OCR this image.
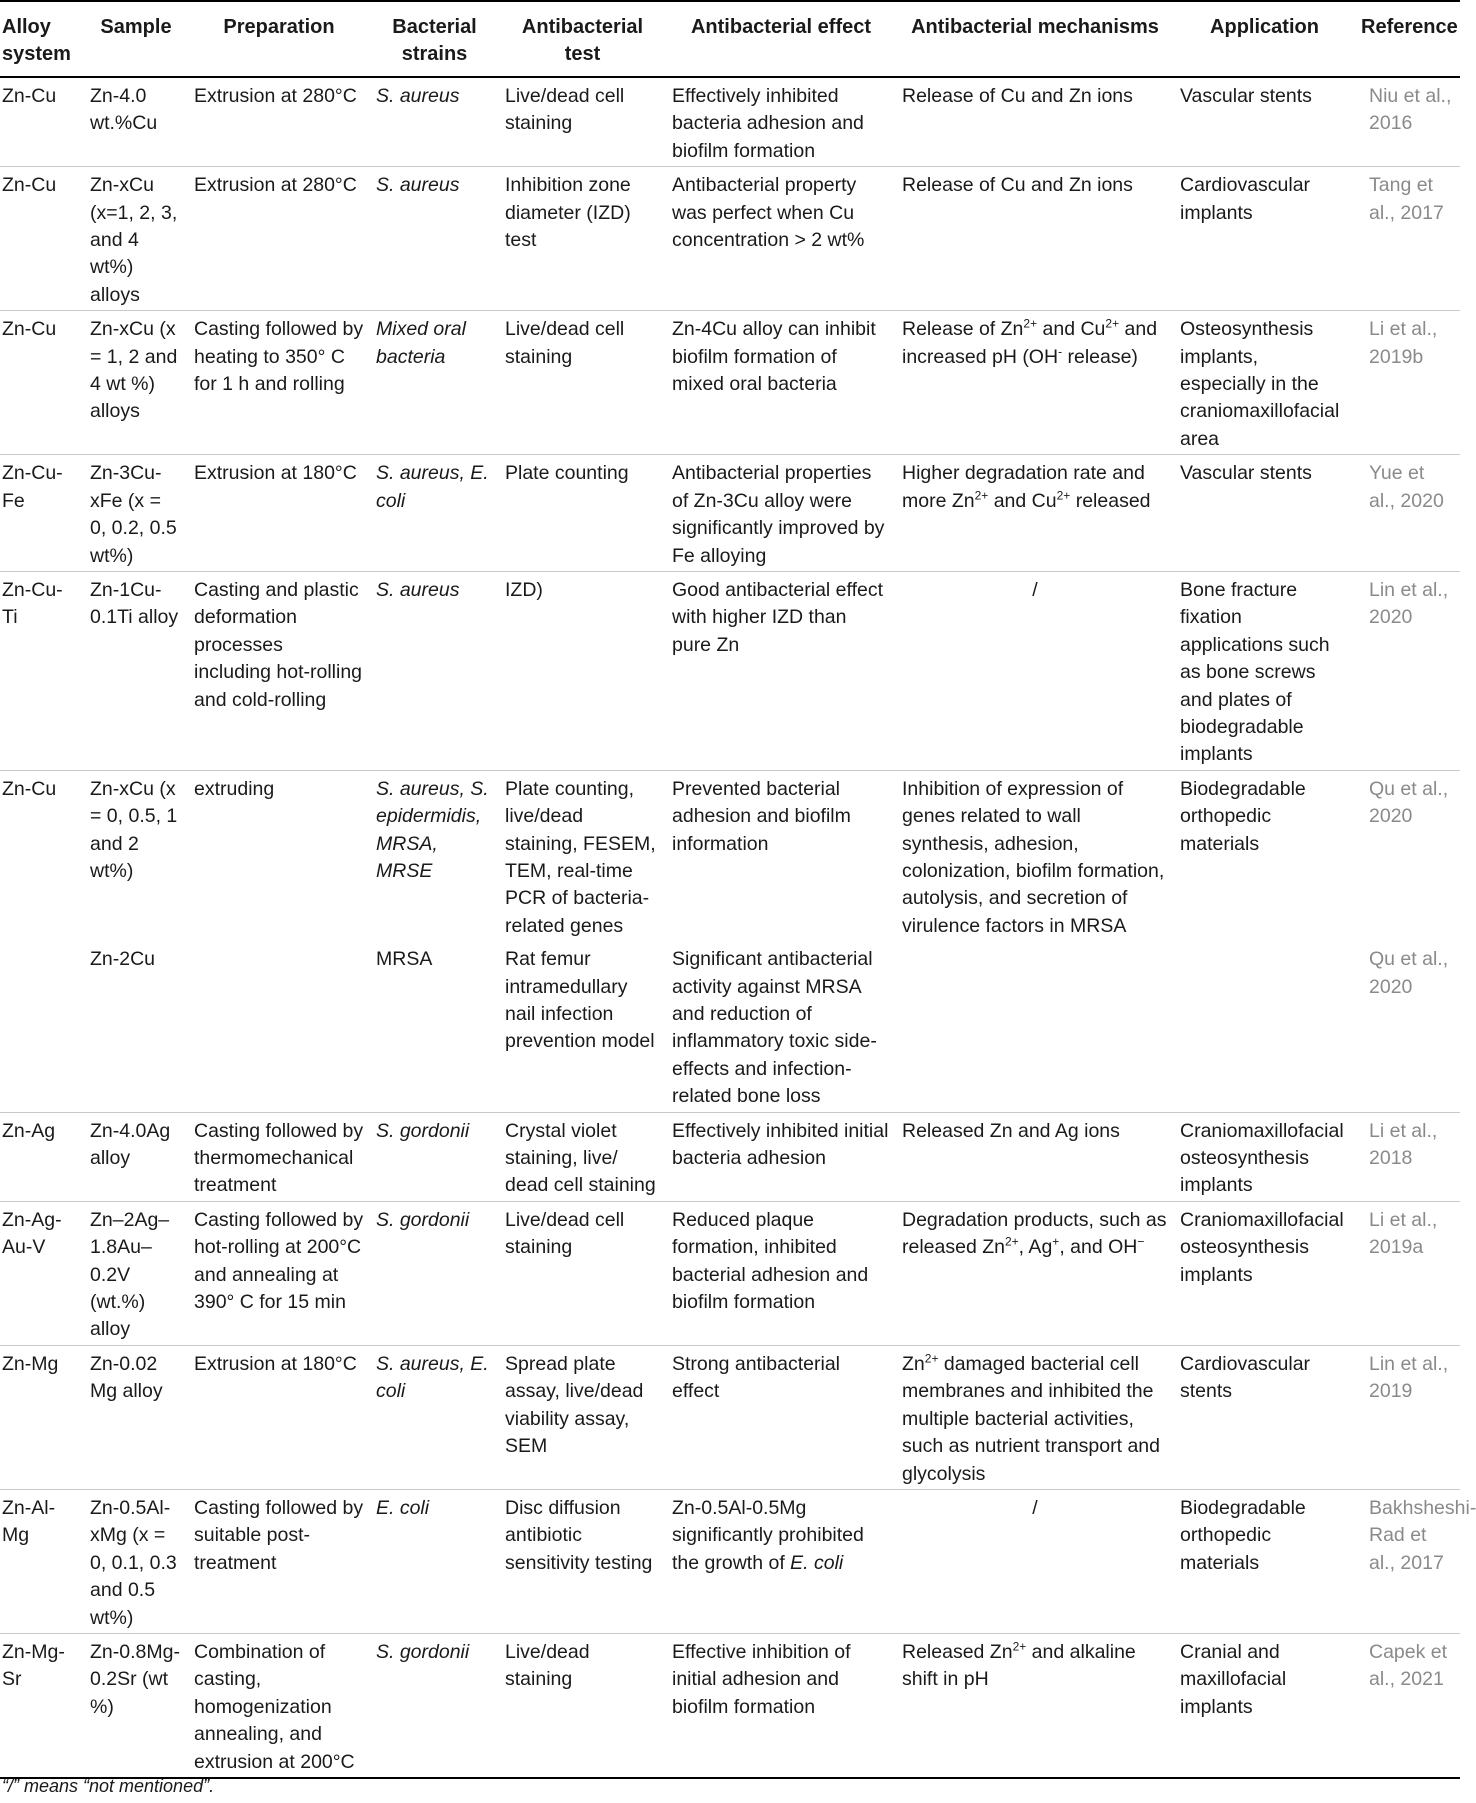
Alloy system	Sample	Preparation	Bacterial strains	Antibacterial test	Antibacterial effect	Antibacterial mechanisms	Application	Reference
Zn-Cu	Zn-4.0 wt.%Cu	Extrusion at 280°C	S. aureus	Live/dead cell staining	Effectively inhibited bacteria adhesion and biofilm formation	Release of Cu and Zn ions	Vascular stents	Niu et al., 2016
Zn-Cu	Zn-xCu (x=1, 2, 3, and 4 wt%) alloys	Extrusion at 280°C	S. aureus	Inhibition zone diameter (IZD) test	Antibacterial property was perfect when Cu concentration > 2 wt%	Release of Cu and Zn ions	Cardiovascular implants	Tang et al., 2017
Zn-Cu	Zn-xCu (x = 1, 2 and 4 wt %) alloys	Casting followed by heating to 350° C for 1 h and rolling	Mixed oral bacteria	Live/dead cell staining	Zn-4Cu alloy can inhibit biofilm formation of mixed oral bacteria	Release of $Zn^{2+}$ and $Cu^{2+}$ and increased pH (OH- release)	Osteosynthesis implants, especially in the craniomaxillofacial area	Li et al., 2019b
Zn-Cu-Fe	Zn-3Cu-xFe (x = 0, 0.2, 0.5 wt%)	Extrusion at 180°C	S. aureus, E. coli	Plate counting	Antibacterial properties of Zn-3Cu alloy were significantly improved by Fe alloying	Higher degradation rate and more $Zn^{2+}$ and $Cu^{2+}$ released	Vascular stents	Yue et al., 2020
Zn-Cu-Ti	Zn-1Cu-0.1Ti alloy	Casting and plastic deformation processes including hot-rolling and cold-rolling	S. aureus	IZD)	Good antibacterial effect with higher IZD than pure Zn	/	Bone fracture fixation applications such as bone screws and plates of biodegradable implants	Lin et al., 2020
Zn-Cu	Zn-xCu (x = 0, 0.5, 1 and 2 wt%)	extruding	S. aureus, S. epidermidis, MRSA, MRSE	Plate counting, live/dead staining, FESEM, TEM, real-time PCR of bacteria-related genes	Prevented bacterial adhesion and biofilm information	Inhibition of expression of genes related to wall synthesis, adhesion, colonization, biofilm formation, autolysis, and secretion of virulence factors in MRSA	Biodegradable orthopedic materials	Qu et al., 2020
	Zn-2Cu		MRSA	Rat femur intramedullary nail infection prevention model	Significant antibacterial activity against MRSA and reduction of inflammatory toxic side-effects and infection-related bone loss			Qu et al., 2020
Zn-Ag	Zn-4.0Ag alloy	Casting followed by thermomechanical treatment	S. gordonii	Crystal violet staining, live/ dead cell staining	Effectively inhibited initial bacteria adhesion	Released Zn and Ag ions	Craniomaxillofacial osteosynthesis implants	Li et al., 2018
Zn-Ag-Au-V	Zn–2Ag–1.8Au–0.2V (wt.%) alloy	Casting followed by hot-rolling at 200°C and annealing at 390° C for 15 min	S. gordonii	Live/dead cell staining	Reduced plaque formation, inhibited bacterial adhesion and biofilm formation	Degradation products, such as released $Zn^{2+}$, Ag+, and OH−	Craniomaxillofacial osteosynthesis implants	Li et al., 2019a
Zn-Mg	Zn-0.02 Mg alloy	Extrusion at 180°C	S. aureus, E. coli	Spread plate assay, live/dead viability assay, SEM	Strong antibacterial effect	$Zn^{2+}$ damaged bacterial cell membranes and inhibited the multiple bacterial activities, such as nutrient transport and glycolysis	Cardiovascular stents	Lin et al., 2019
Zn-Al-Mg	Zn-0.5Al-xMg (x = 0, 0.1, 0.3 and 0.5 wt%)	Casting followed by suitable post-treatment	E. coli	Disc diffusion antibiotic sensitivity testing	Zn-0.5Al-0.5Mg significantly prohibited the growth of E. coli	/	Biodegradable orthopedic materials	Bakhsheshi-Rad et al., 2017
Zn-Mg-Sr	Zn-0.8Mg-0.2Sr (wt %)	Combination of casting, homogenization annealing, and extrusion at 200°C	S. gordonii	Live/dead staining	Effective inhibition of initial adhesion and biofilm formation	Released $Zn^{2+}$ and alkaline shift in pH	Cranial and maxillofacial implants	Capek et al., 2021
“/” means “not mentioned”.
